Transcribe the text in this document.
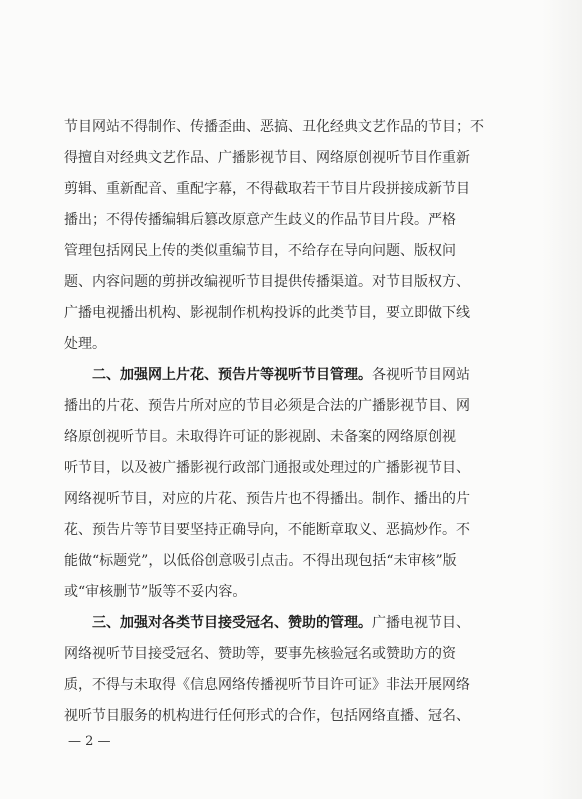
节目网站不得制作、传播歪曲、恶搞、丑化经典文艺作品的节目；不
得擅自对经典文艺作品、广播影视节目、网络原创视听节目作重新
剪辑、重新配音、重配字幕，不得截取若干节目片段拼接成新节目
播出；不得传播编辑后篡改原意产生歧义的作品节目片段。严格
管理包括网民上传的类似重编节目，不给存在导向问题、版权问
题、内容问题的剪拼改编视听节目提供传播渠道。对节目版权方、
广播电视播出机构、影视制作机构投诉的此类节目，要立即做下线
处理。
二、加强网上片花、预告片等视听节目管理。各视听节目网站
播出的片花、预告片所对应的节目必须是合法的广播影视节目、网
络原创视听节目。未取得许可证的影视剧、未备案的网络原创视
听节目，以及被广播影视行政部门通报或处理过的广播影视节目、
网络视听节目，对应的片花、预告片也不得播出。制作、播出的片
花、预告片等节目要坚持正确导向，不能断章取义、恶搞炒作。不
能做“标题党”，以低俗创意吸引点击。不得出现包括“未审核”版
或“审核删节”版等不妥内容。
三、加强对各类节目接受冠名、赞助的管理。广播电视节目、
网络视听节目接受冠名、赞助等，要事先核验冠名或赞助方的资
质，不得与未取得《信息网络传播视听节目许可证》非法开展网络
视听节目服务的机构进行任何形式的合作，包括网络直播、冠名、
— 2 —
